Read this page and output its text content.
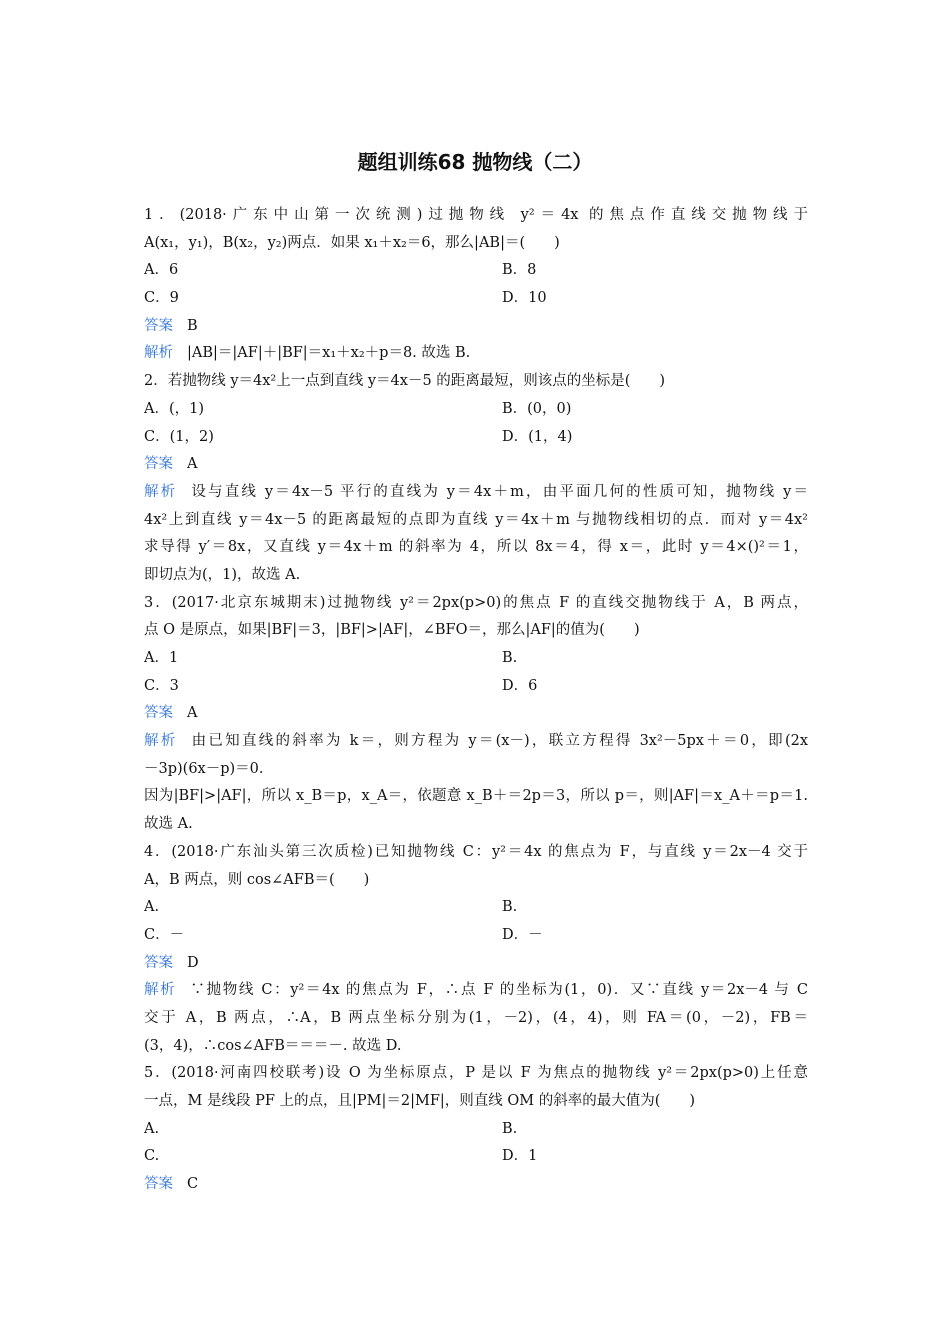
题组训练68 抛物线（二）
1．(2018·广东中山第一次统测)过抛物线 y²＝4x 的焦点作直线交抛物线于
A(x₁，y₁)，B(x₂，y₂)两点．如果 x₁＋x₂＝6，那么|AB|＝(　　)
A．6	B．8
C．9	D．10
答案 B
解析 |AB|＝|AF|＋|BF|＝x₁＋x₂＋p＝8. 故选 B.
2．若抛物线 y＝4x²上一点到直线 y＝4x－5 的距离最短，则该点的坐标是(　　)
A．(，1)	B．(0，0)
C．(1，2)	D．(1，4)
答案 A
解析 设与直线 y＝4x－5 平行的直线为 y＝4x＋m，由平面几何的性质可知，抛物线 y＝
4x²上到直线 y＝4x－5 的距离最短的点即为直线 y＝4x＋m 与抛物线相切的点．而对 y＝4x²
求导得 y′＝8x，又直线 y＝4x＋m 的斜率为 4，所以 8x＝4，得 x＝，此时 y＝4×()²＝1，
即切点为(，1)，故选 A.
3．(2017·北京东城期末)过抛物线 y²＝2px(p>0)的焦点 F 的直线交抛物线于 A，B 两点，
点 O 是原点，如果|BF|＝3，|BF|>|AF|，∠BFO＝，那么|AF|的值为(　　)
A．1	B.
C．3	D．6
答案 A
解析 由已知直线的斜率为 k＝，则方程为 y＝(x－)，联立方程得 3x²－5px＋＝0，即(2x
－3p)(6x－p)＝0.
因为|BF|>|AF|，所以 x_B＝p，x_A＝，依题意 x_B＋＝2p＝3，所以 p＝，则|AF|＝x_A＋＝p＝1.
故选 A.
4．(2018·广东汕头第三次质检)已知抛物线 C：y²＝4x 的焦点为 F，与直线 y＝2x－4 交于
A，B 两点，则 cos∠AFB＝(　　)
A.	B.
C．－	D．－
答案 D
解析 ∵抛物线 C：y²＝4x 的焦点为 F，∴点 F 的坐标为(1，0)．又∵直线 y＝2x－4 与 C
交于 A，B 两点，∴A，B 两点坐标分别为(1，－2)，(4，4)，则 FA＝(0，－2)，FB＝
(3，4)，∴cos∠AFB＝＝＝－. 故选 D.
5．(2018·河南四校联考)设 O 为坐标原点，P 是以 F 为焦点的抛物线 y²＝2px(p>0)上任意
一点，M 是线段 PF 上的点，且|PM|＝2|MF|，则直线 OM 的斜率的最大值为(　　)
A.	B.
C.	D．1
答案 C
